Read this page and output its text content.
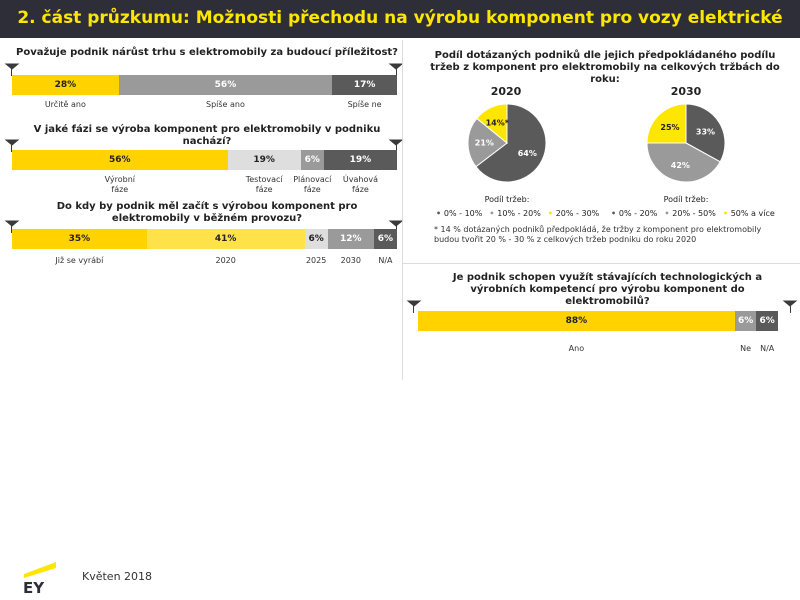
2. část průzkumu: Možnosti přechodu na výrobu komponent pro vozy elektrické
Považuje podnik nárůst trhu s elektromobily za budoucí příležitost?
28%	56%	17%
Určitě ano	Spíše ano	Spíše ne
V jaké fázi se výroba komponent pro elektromobily v podniku nachází?
56%	19%	6%	19%
Výrobní fáze
Testovací fáze
Plánovací fáze
Úvahová fáze
Do kdy by podnik měl začít s výrobou komponent pro elektromobily v běžném provozu?
35%	41%	6%	12%	6%
Již se vyrábí	2020	2025	2030	N/A
Podíl dotázaných podniků dle jejich předpokládaného podílu tržeb z komponent pro elektromobily na celkových tržbách do roku:
2020	2030
64%
21%
14%*
33%
42%
25%
Podíl tržeb:	Podíl tržeb:
• 0% - 10% • 10% - 20% • 20% - 30%	• 0% - 20% • 20% - 50% • 50% a více
* 14 % dotázaných podniků předpokládá, že tržby z komponent pro elektromobily budou tvořit 20 % - 30 % z celkových tržeb podniku do roku 2020
Je podnik schopen využít stávajících technologických a výrobních kompetencí pro výrobu komponent do elektromobilů?
88%	6% 6%
Ano	Ne	N/A
EY
Květen 2018
